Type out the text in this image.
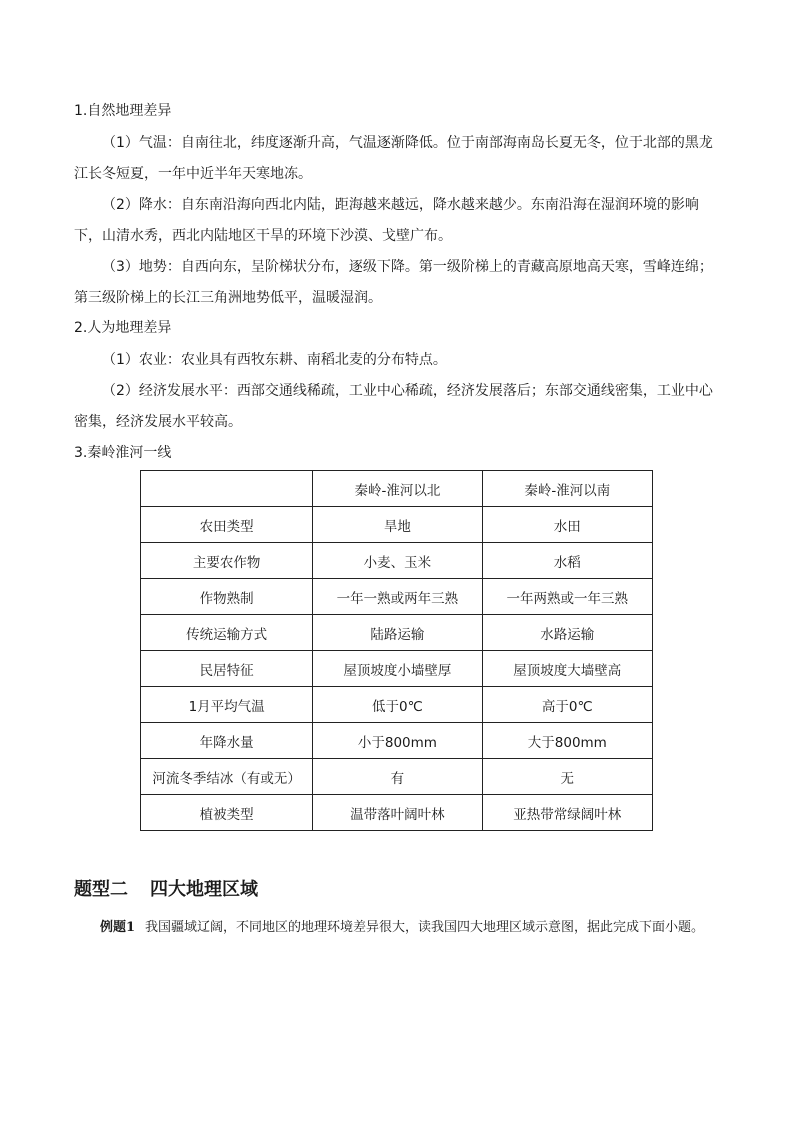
1.自然地理差异
（1）气温：自南往北，纬度逐渐升高，气温逐渐降低。位于南部海南岛长夏无冬，位于北部的黑龙江长冬短夏，一年中近半年天寒地冻。
（2）降水：自东南沿海向西北内陆，距海越来越远，降水越来越少。东南沿海在湿润环境的影响下，山清水秀，西北内陆地区干旱的环境下沙漠、戈壁广布。
（3）地势：自西向东，呈阶梯状分布，逐级下降。第一级阶梯上的青藏高原地高天寒，雪峰连绵；第三级阶梯上的长江三角洲地势低平，温暖湿润。
2.人为地理差异
（1）农业：农业具有西牧东耕、南稻北麦的分布特点。
（2）经济发展水平：西部交通线稀疏，工业中心稀疏，经济发展落后；东部交通线密集，工业中心密集，经济发展水平较高。
3.秦岭淮河一线
	秦岭-淮河以北	秦岭-淮河以南
农田类型	旱地	水田
主要农作物	小麦、玉米	水稻
作物熟制	一年一熟或两年三熟	一年两熟或一年三熟
传统运输方式	陆路运输	水路运输
民居特征	屋顶坡度小墙壁厚	屋顶坡度大墙壁高
1月平均气温	低于0℃	高于0℃
年降水量	小于800mm	大于800mm
河流冬季结冰（有或无）	有	无
植被类型	温带落叶阔叶林	亚热带常绿阔叶林
题型二 四大地理区域
例题1 我国疆域辽阔，不同地区的地理环境差异很大，读我国四大地理区域示意图，据此完成下面小题。
